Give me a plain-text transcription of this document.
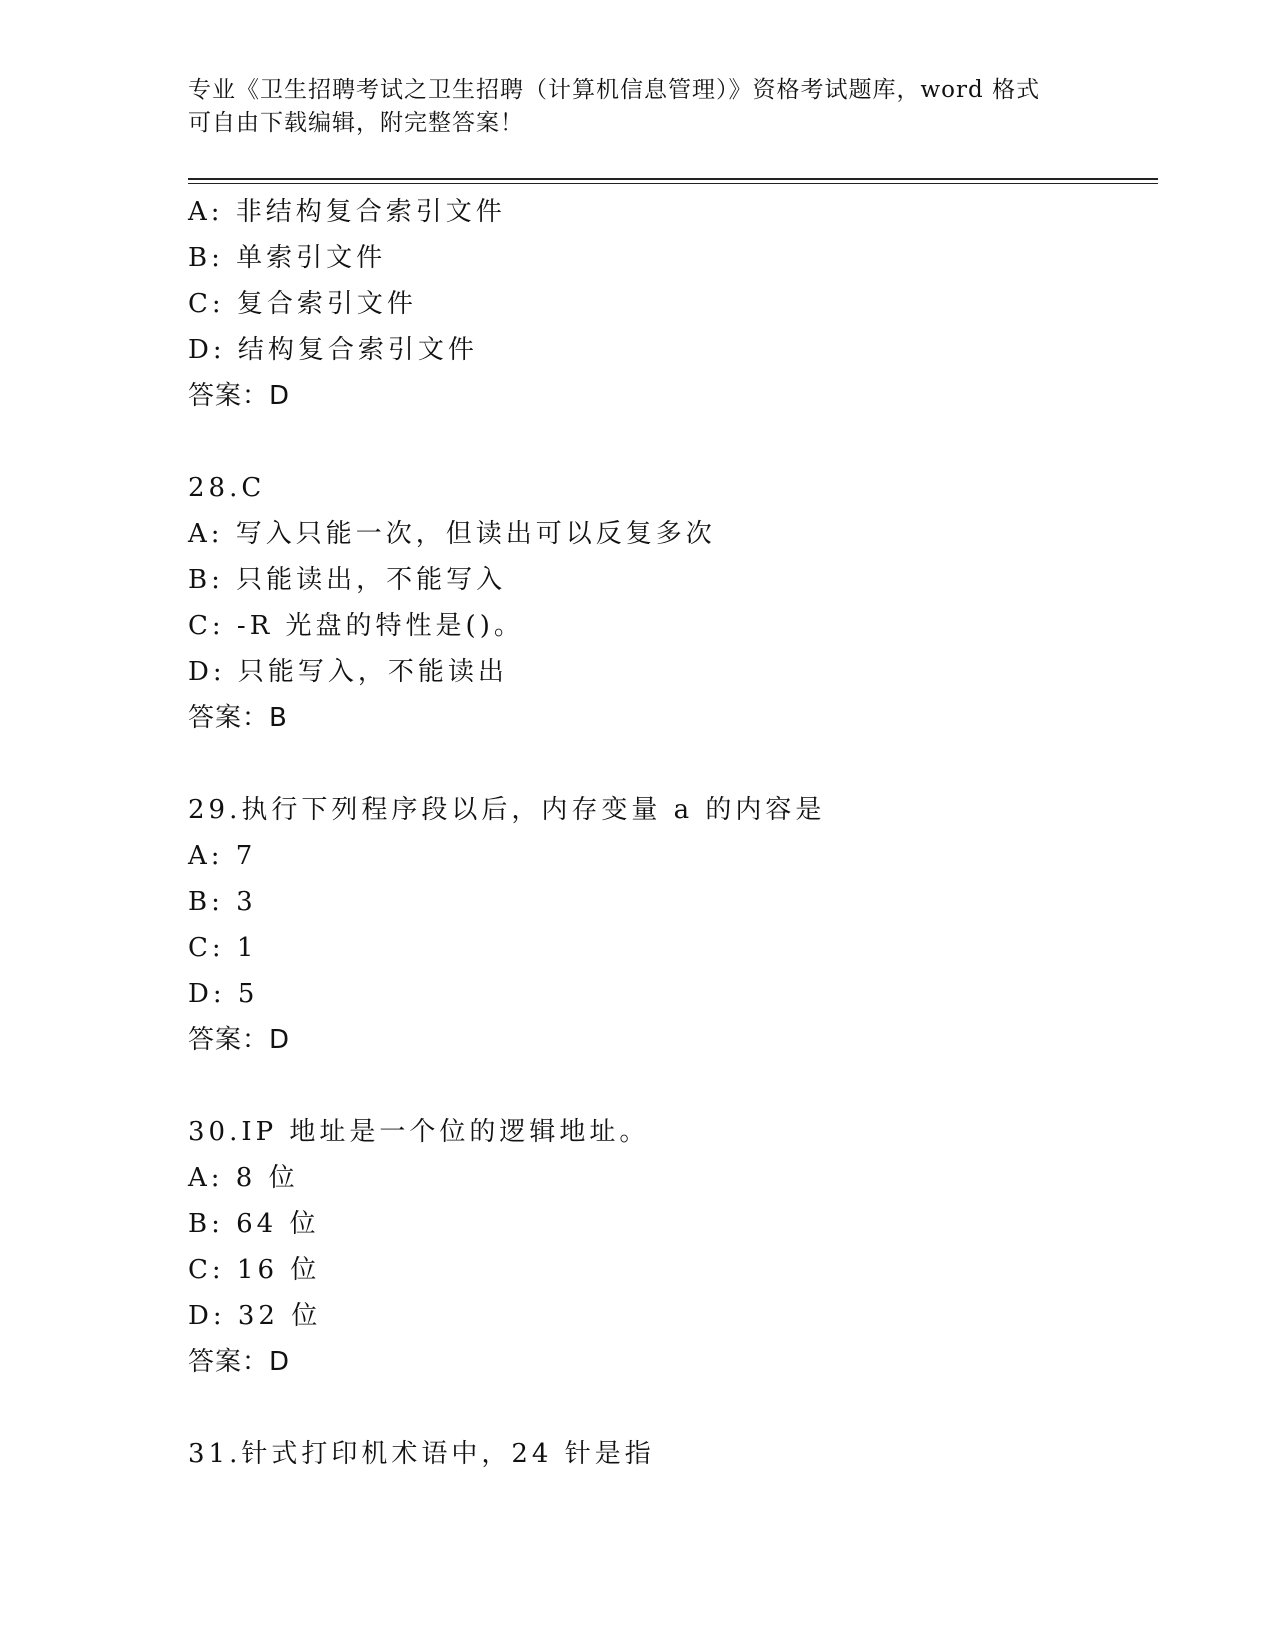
专业《卫生招聘考试之卫生招聘（计算机信息管理）》资格考试题库，word 格式
可自由下载编辑，附完整答案！
A: 非结构复合索引文件
B: 单索引文件
C: 复合索引文件
D: 结构复合索引文件
答案：D
28.C
A: 写入只能一次，但读出可以反复多次
B: 只能读出，不能写入
C: -R 光盘的特性是()。
D: 只能写入，不能读出
答案：B
29.执行下列程序段以后，内存变量 a 的内容是
A: 7
B: 3
C: 1
D: 5
答案：D
30.IP 地址是一个位的逻辑地址。
A: 8 位
B: 64 位
C: 16 位
D: 32 位
答案：D
31.针式打印机术语中，24 针是指
